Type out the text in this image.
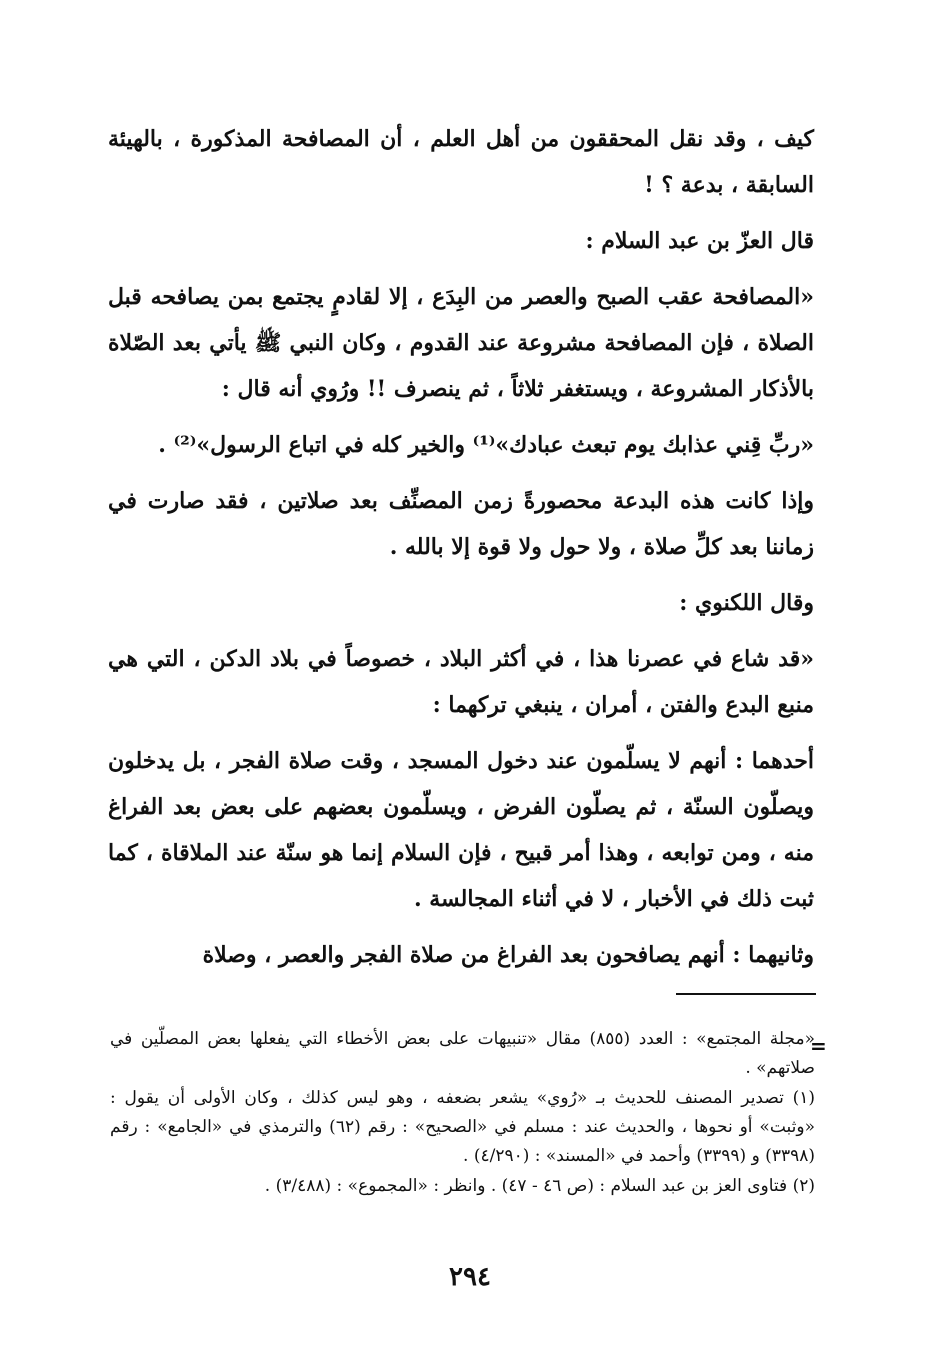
كيف ، وقد نقل المحققون من أهل العلم ، أن المصافحة المذكورة ، بالهيئة السابقة ، بدعة ؟ !

قال العزّ بن عبد السلام :

«المصافحة عقب الصبح والعصر من البِدَع ، إلا لقادمٍ يجتمع بمن يصافحه قبل الصلاة ، فإن المصافحة مشروعة عند القدوم ، وكان النبي ﷺ يأتي بعد الصّلاة بالأذكار المشروعة ، ويستغفر ثلاثاً ، ثم ينصرف !! ورُوي أنه قال :

«ربِّ قِني عذابك يوم تبعث عبادك»⁽¹⁾ والخير كله في اتباع الرسول»⁽²⁾ .

وإذا كانت هذه البدعة محصورةً زمن المصنِّف بعد صلاتين ، فقد صارت في زماننا بعد كلِّ صلاة ، ولا حول ولا قوة إلا بالله .

وقال اللكنوي :

«قد شاع في عصرنا هذا ، في أكثر البلاد ، خصوصاً في بلاد الدكن ، التي هي منبع البدع والفتن ، أمران ، ينبغي تركهما :

أحدهما : أنهم لا يسلّمون عند دخول المسجد ، وقت صلاة الفجر ، بل يدخلون ويصلّون السنّة ، ثم يصلّون الفرض ، ويسلّمون بعضهم على بعض بعد الفراغ منه ، ومن توابعه ، وهذا أمر قبيح ، فإن السلام إنما هو سنّة عند الملاقاة ، كما ثبت ذلك في الأخبار ، لا في أثناء المجالسة .

وثانيهما : أنهم يصافحون بعد الفراغ من صلاة الفجر والعصر ، وصلاة

=

«مجلة المجتمع» : العدد (٨٥٥) مقال «تنبيهات على بعض الأخطاء التي يفعلها بعض المصلّين في صلاتهم» .

(١) تصدير المصنف للحديث بـ «رُوي» يشعر بضعفه ، وهو ليس كذلك ، وكان الأولى أن يقول : «وثبت» أو نحوها ، والحديث عند : مسلم في «الصحيح» : رقم (٦٢) والترمذي في «الجامع» : رقم (٣٣٩٨) و (٣٣٩٩) وأحمد في «المسند» : (٤/٢٩٠) .

(٢) فتاوى العز بن عبد السلام : (ص ٤٦ - ٤٧) . وانظر : «المجموع» : (٣/٤٨٨) .

٢٩٤
